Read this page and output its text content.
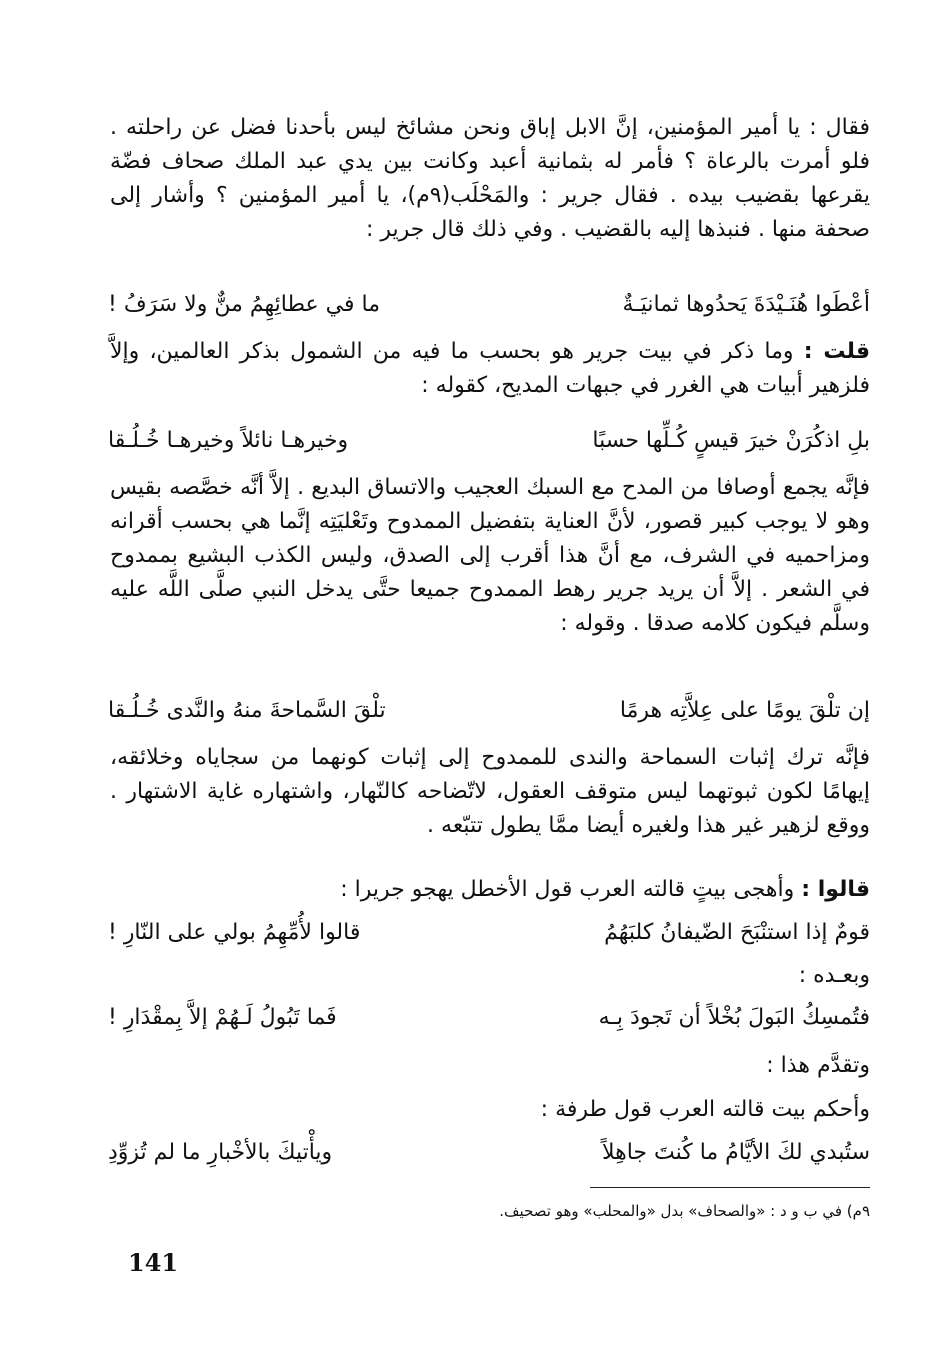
فقال : يا أمير المؤمنين، إنَّ الابل إباق ونحن مشائخ ليس بأحدنا فضل عن راحلته . فلو أمرت بالرعاة ؟ فأمر له بثمانية أعبد وكانت بين يدي عبد الملك صحاف فضّة يقرعها بقضيب بيده . فقال جرير : والمَحْلَب(٩م)، يا أمير المؤمنين ؟ وأشار إلى صحفة منها . فنبذها إليه بالقضيب . وفي ذلك قال جرير :
أعْطَوا هُنَـيْدَةَ يَحدُوها ثمانيَـةٌ
ما في عطائِهِمُ منٌّ ولا سَرَفُ !
قلت : وما ذكر في بيت جرير هو بحسب ما فيه من الشمول بذكر العالمين، وإلاَّ فلزهير أبيات هي الغرر في جبهات المديح، كقوله :
بلِ اذكُرَنْ خيرَ قيسٍ كُـلِّها حسبًا
وخيرهـا نائلاً وخيرهـا خُـلُـقا
فإنَّه يجمع أوصافا من المدح مع السبك العجيب والاتساق البديع . إلاَّ أنَّه خصَّصه بقيس وهو لا يوجب كبير قصور، لأنَّ العناية بتفضيل الممدوح وتَعْليَتِه إنَّما هي بحسب أقرانه ومزاحميه في الشرف، مع أنَّ هذا أقرب إلى الصدق، وليس الكذب البشيع بممدوح في الشعر . إلاَّ أن يريد جرير رهط الممدوح جميعا حتَّى يدخل النبي صلَّى اللَّه عليه وسلَّم فيكون كلامه صدقا . وقوله :
إن تلْقَ يومًا على عِلاَّتِه هرمًا
تلْقَ السَّماحةَ منهُ والنَّدى خُـلُـقا
فإنَّه ترك إثبات السماحة والندى للممدوح إلى إثبات كونهما من سجاياه وخلائقه، إيهامًا لكون ثبوتهما ليس متوقف العقول، لاتّضاحه كالنّهار، واشتهاره غاية الاشتهار . ووقع لزهير غير هذا ولغيره أيضا ممَّا يطول تتبّعه .
قالوا : وأهجى بيتٍ قالته العرب قول الأخطل يهجو جريرا :
قومٌ إذا استنْبَحَ الضّيفانُ كلبَهُمُ
قالوا لأُمِّهِمُ بولي على النّارِ !
وبعـده :
فتُمسِكُ البَولَ بُخْلاً أن تَجودَ بِـه
فَما تَبُولُ لَـهُمْ إلاَّ بِمقْدَارِ !
وتقدَّم هذا :
وأحكم بيت قالته العرب قول طرفة :
ستُبدي لكَ الأيَّامُ ما كُنتَ جاهِلاً
ويأْتيكَ بالأخْبارِ ما لم تُزوِّدِ
٩م) في ب و د : «والصحاف» بدل «والمحلب» وهو تصحيف.
141
